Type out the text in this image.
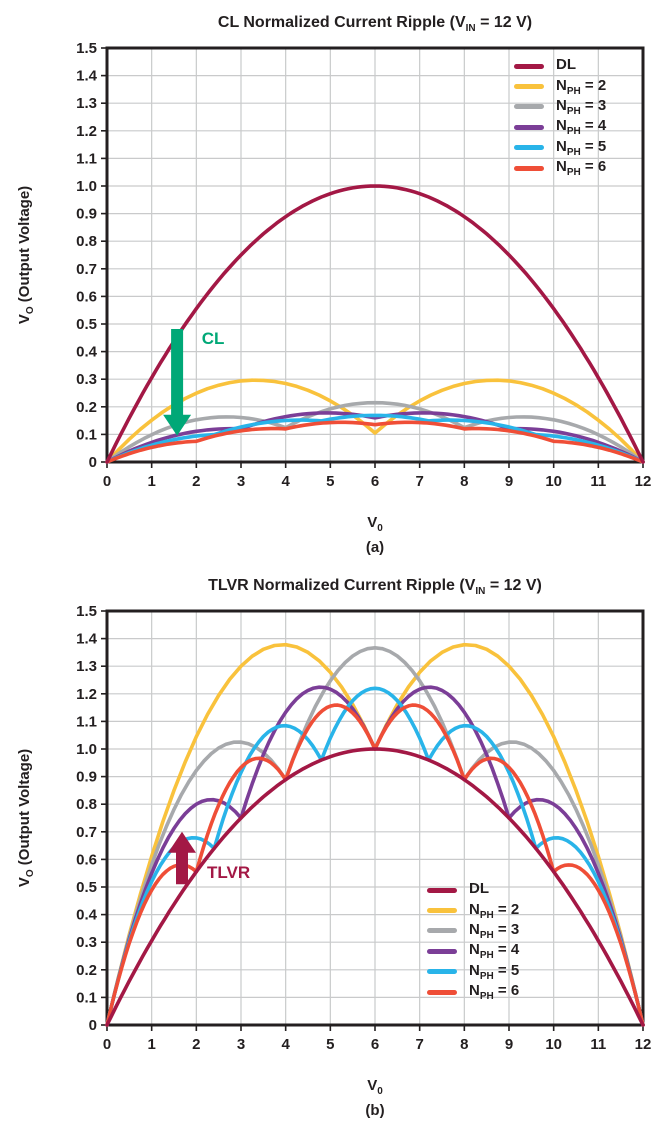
0 1 2 3 4 5 6 7 8 9 10 11 12
0
0.1
0.2
0.3
0.4
0.5
0.6
0.7
0.8
0.9
1.0
1.1
1.2
1.3
1.4
1.5
CL Normalized Current Ripple ($V_{IN} = 12$ V)
$V_O$ (Output Voltage)
$V_0$
(a)
CL
DL
$N_{PH} = 2$
$N_{PH} = 3$
$N_{PH} = 4$
$N_{PH} = 5$
$N_{PH} = 6$
0 1 2 3 4 5 6 7 8 9 10 11 12
0
0.1
0.2
0.3
0.4
0.5
0.6
0.7
0.8
0.9
1.0
1.1
1.2
1.3
1.4
1.5
TLVR Normalized Current Ripple ($V_{IN} = 12$ V)
$V_O$ (Output Voltage)
$V_0$
(b)
TLVR
DL
$N_{PH} = 2$
$N_{PH} = 3$
$N_{PH} = 4$
$N_{PH} = 5$
$N_{PH} = 6$
